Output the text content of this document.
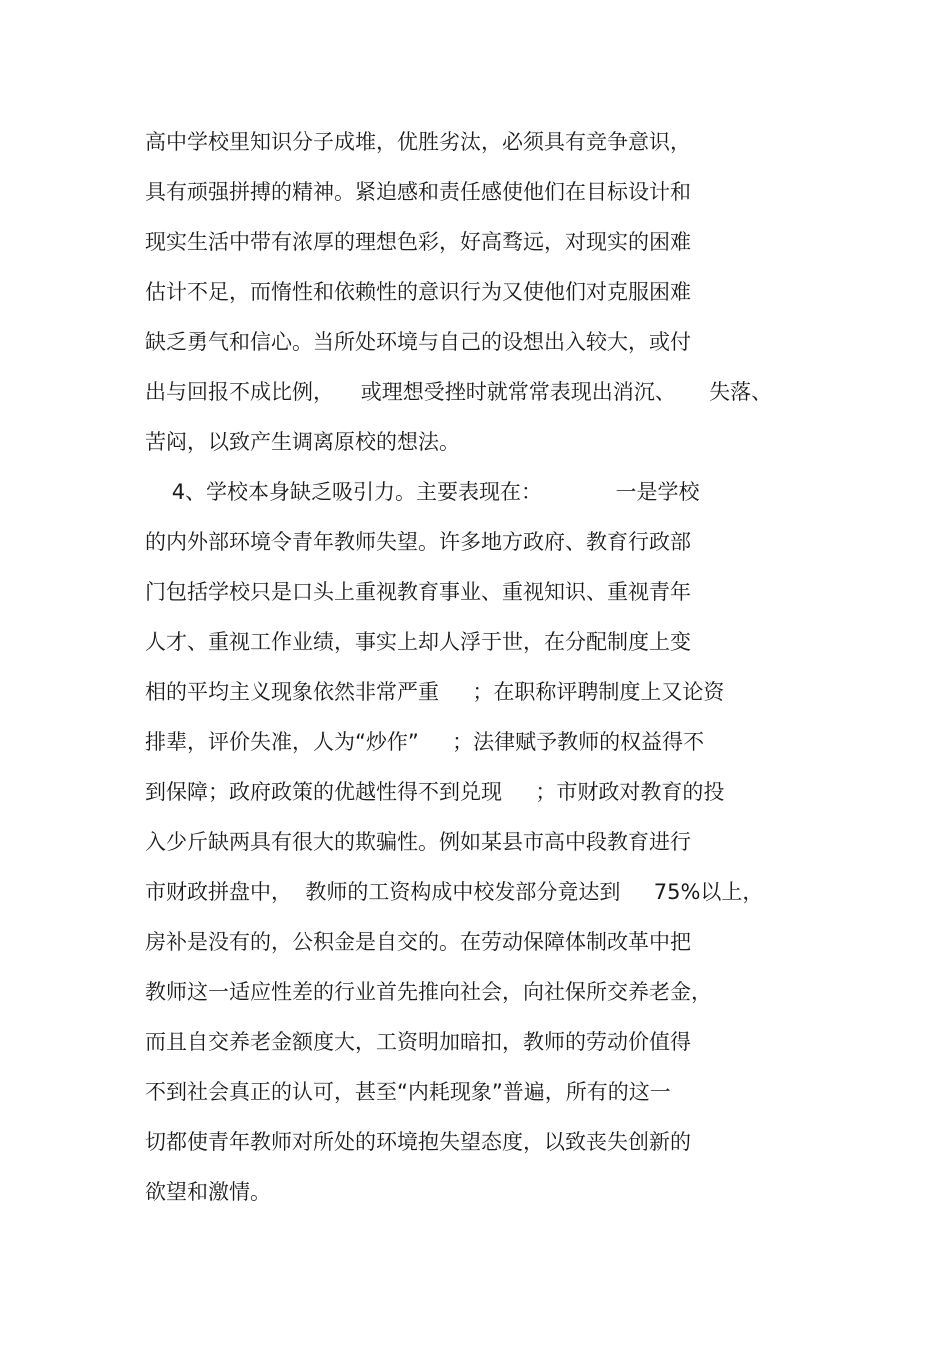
高中学校里知识分子成堆，优胜劣汰，必须具有竞争意识，
具有顽强拼搏的精神。紧迫感和责任感使他们在目标设计和
现实生活中带有浓厚的理想色彩，好高骛远，对现实的困难
估计不足，而惰性和依赖性的意识行为又使他们对克服困难
缺乏勇气和信心。当所处环境与自己的设想出入较大，或付
出与回报不成比例，    或理想受挫时就常常表现出消沉、     失落、
苦闷，以致产生调离原校的想法。
4、学校本身缺乏吸引力。主要表现在：           一是学校
的内外部环境令青年教师失望。许多地方政府、教育行政部
门包括学校只是口头上重视教育事业、重视知识、重视青年
人才、重视工作业绩，事实上却人浮于世，在分配制度上变
相的平均主义现象依然非常严重     ；在职称评聘制度上又论资
排辈，评价失准，人为“炒作”     ；法律赋予教师的权益得不
到保障；政府政策的优越性得不到兑现     ；市财政对教育的投
入少斤缺两具有很大的欺骗性。例如某县市高中段教育进行
市财政拼盘中，  教师的工资构成中校发部分竟达到     75%以上，
房补是没有的，公积金是自交的。在劳动保障体制改革中把
教师这一适应性差的行业首先推向社会，向社保所交养老金，
而且自交养老金额度大，工资明加暗扣，教师的劳动价值得
不到社会真正的认可，甚至“内耗现象”普遍，所有的这一
切都使青年教师对所处的环境抱失望态度，以致丧失创新的
欲望和激情。
